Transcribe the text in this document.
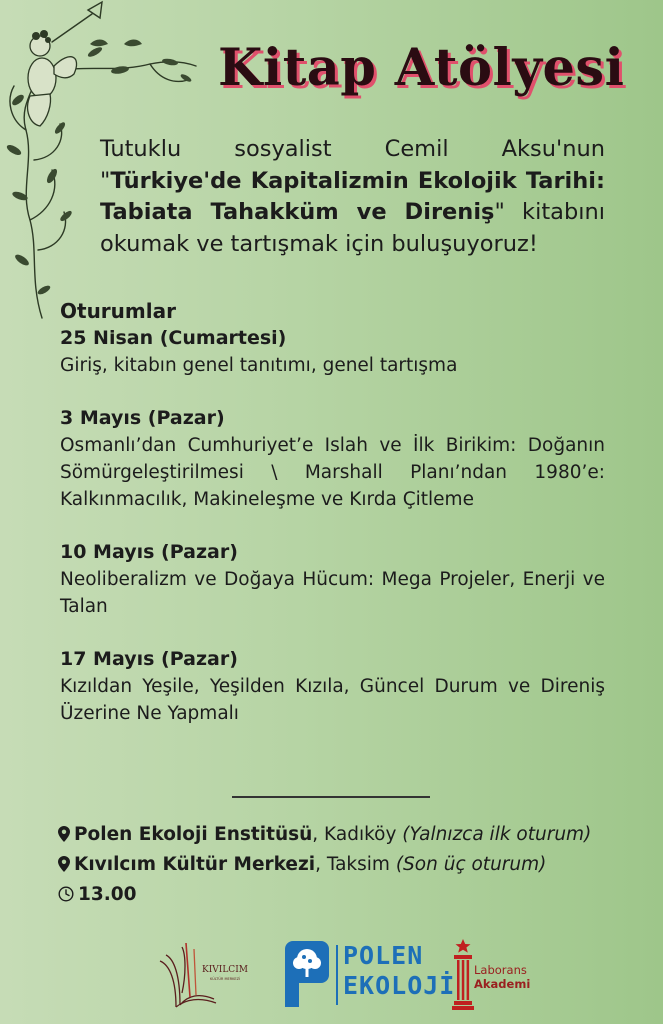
Kitap Atölyesi
Tutuklu sosyalist Cemil Aksu'nun "Türkiye'de Kapitalizmin Ekolojik Tarihi: Tabiata Tahakküm ve Direniş" kitabını okumak ve tartışmak için buluşuyoruz!
Oturumlar
25 Nisan (Cumartesi)
Giriş, kitabın genel tanıtımı, genel tartışma
3 Mayıs (Pazar)
Osmanlı’dan Cumhuriyet’e Islah ve İlk Birikim: Doğanın Sömürgeleştirilmesi \ Marshall Planı’ndan 1980’e: Kalkınmacılık, Makineleşme ve Kırda Çitleme
10 Mayıs (Pazar)
Neoliberalizm ve Doğaya Hücum: Mega Projeler, Enerji ve Talan
17 Mayıs (Pazar)
Kızıldan Yeşile, Yeşilden Kızıla, Güncel Durum ve Direniş Üzerine Ne Yapmalı
Polen Ekoloji Enstitüsü, Kadıköy (Yalnızca ilk oturum)
Kıvılcım Kültür Merkezi, Taksim (Son üç oturum)
13.00
KIVILCIM
KÜLTÜR MERKEZİ
POLEN
EKOLOJİ
Laborans
Akademi
